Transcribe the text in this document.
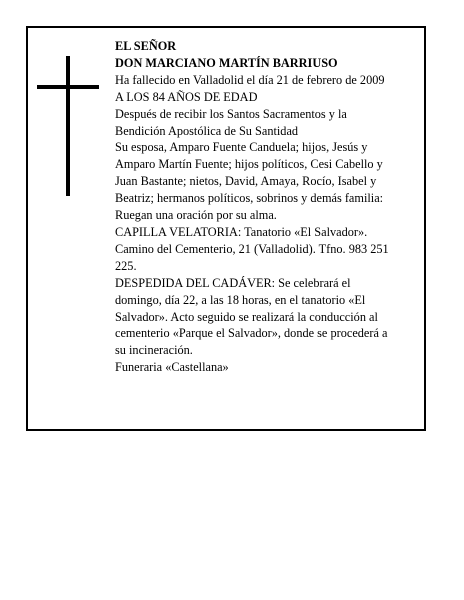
EL SEÑOR
DON MARCIANO MARTÍN BARRIUSO
Ha fallecido en Valladolid el día 21 de febrero de 2009
A LOS 84 AÑOS DE EDAD
Después de recibir los Santos Sacramentos y la
Bendición Apostólica de Su Santidad
Su esposa, Amparo Fuente Canduela; hijos, Jesús y
Amparo Martín Fuente; hijos políticos, Cesi Cabello y
Juan Bastante; nietos, David, Amaya, Rocío, Isabel y
Beatriz; hermanos políticos, sobrinos y demás familia:
Ruegan una oración por su alma.
CAPILLA VELATORIA: Tanatorio «El Salvador».
Camino del Cementerio, 21 (Valladolid). Tfno. 983 251
225.
DESPEDIDA DEL CADÁVER: Se celebrará el
domingo, día 22, a las 18 horas, en el tanatorio «El
Salvador». Acto seguido se realizará la conducción al
cementerio «Parque el Salvador», donde se procederá a
su incineración.
Funeraria «Castellana»
